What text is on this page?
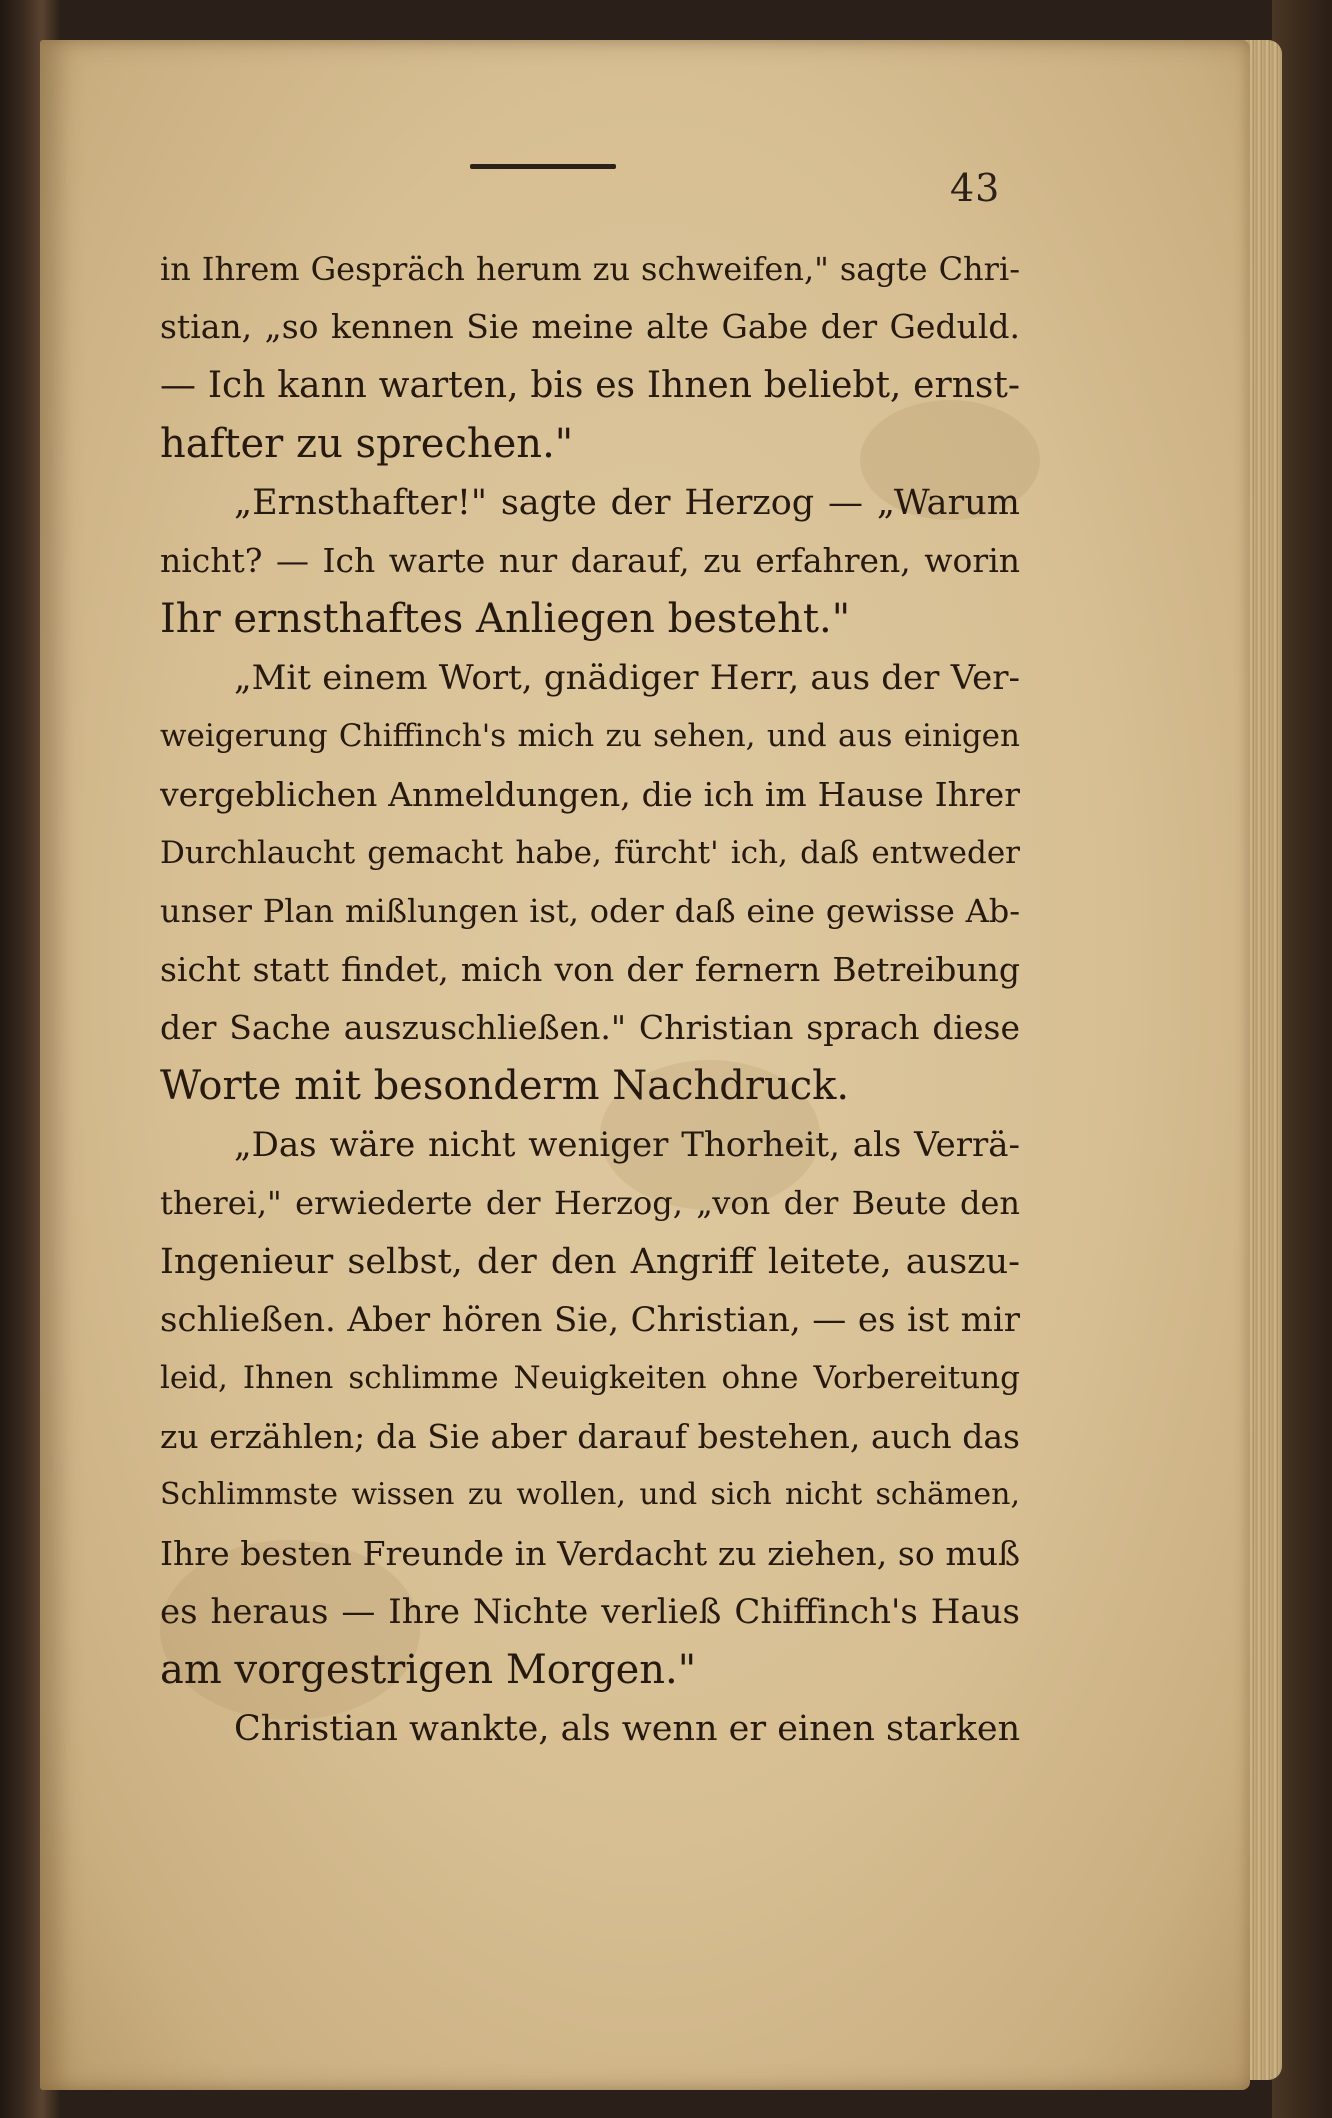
43
in Ihrem Gespräch herum zu schweifen," sagte Chri-
stian, „so kennen Sie meine alte Gabe der Geduld.
— Ich kann warten, bis es Ihnen beliebt, ernst-
hafter zu sprechen."
„Ernsthafter!" sagte der Herzog — „Warum
nicht? — Ich warte nur darauf, zu erfahren, worin
Ihr ernsthaftes Anliegen besteht."
„Mit einem Wort, gnädiger Herr, aus der Ver-
weigerung Chiffinch's mich zu sehen, und aus einigen
vergeblichen Anmeldungen, die ich im Hause Ihrer
Durchlaucht gemacht habe, fürcht' ich, daß entweder
unser Plan mißlungen ist, oder daß eine gewisse Ab-
sicht statt findet, mich von der fernern Betreibung
der Sache auszuschließen." Christian sprach diese
Worte mit besonderm Nachdruck.
„Das wäre nicht weniger Thorheit, als Verrä-
therei," erwiederte der Herzog, „von der Beute den
Ingenieur selbst, der den Angriff leitete, auszu-
schließen. Aber hören Sie, Christian, — es ist mir
leid, Ihnen schlimme Neuigkeiten ohne Vorbereitung
zu erzählen; da Sie aber darauf bestehen, auch das
Schlimmste wissen zu wollen, und sich nicht schämen,
Ihre besten Freunde in Verdacht zu ziehen, so muß
es heraus — Ihre Nichte verließ Chiffinch's Haus
am vorgestrigen Morgen."
Christian wankte, als wenn er einen starken
